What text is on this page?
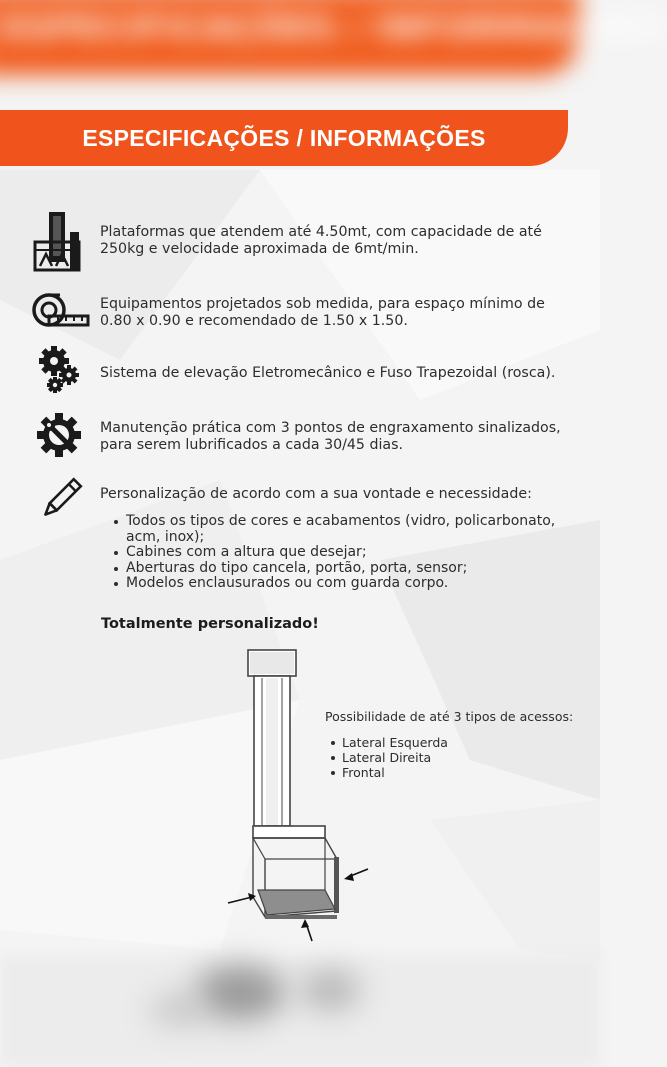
ESPECIFICAÇÕES / INFORMAÇÕES
ESPECIFICAÇÕES / INFORMAÇÕES
Plataformas que atendem até 4.50mt, com capacidade de até 250kg e velocidade aproximada de 6mt/min.
Equipamentos projetados sob medida, para espaço mínimo de 0.80 x 0.90 e recomendado de 1.50 x 1.50.
Sistema de elevação Eletromecânico e Fuso Trapezoidal (rosca).
Manutenção prática com 3 pontos de engraxamento sinalizados, para serem lubrificados a cada 30/45 dias.
Personalização de acordo com a sua vontade e necessidade:
Todos os tipos de cores e acabamentos (vidro, policarbonato, acm, inox);
Cabines com a altura que desejar;
Aberturas do tipo cancela, portão, porta, sensor;
Modelos enclausurados ou com guarda corpo.
Totalmente personalizado!
Possibilidade de até 3 tipos de acessos:
Lateral Esquerda
Lateral Direita
Frontal
